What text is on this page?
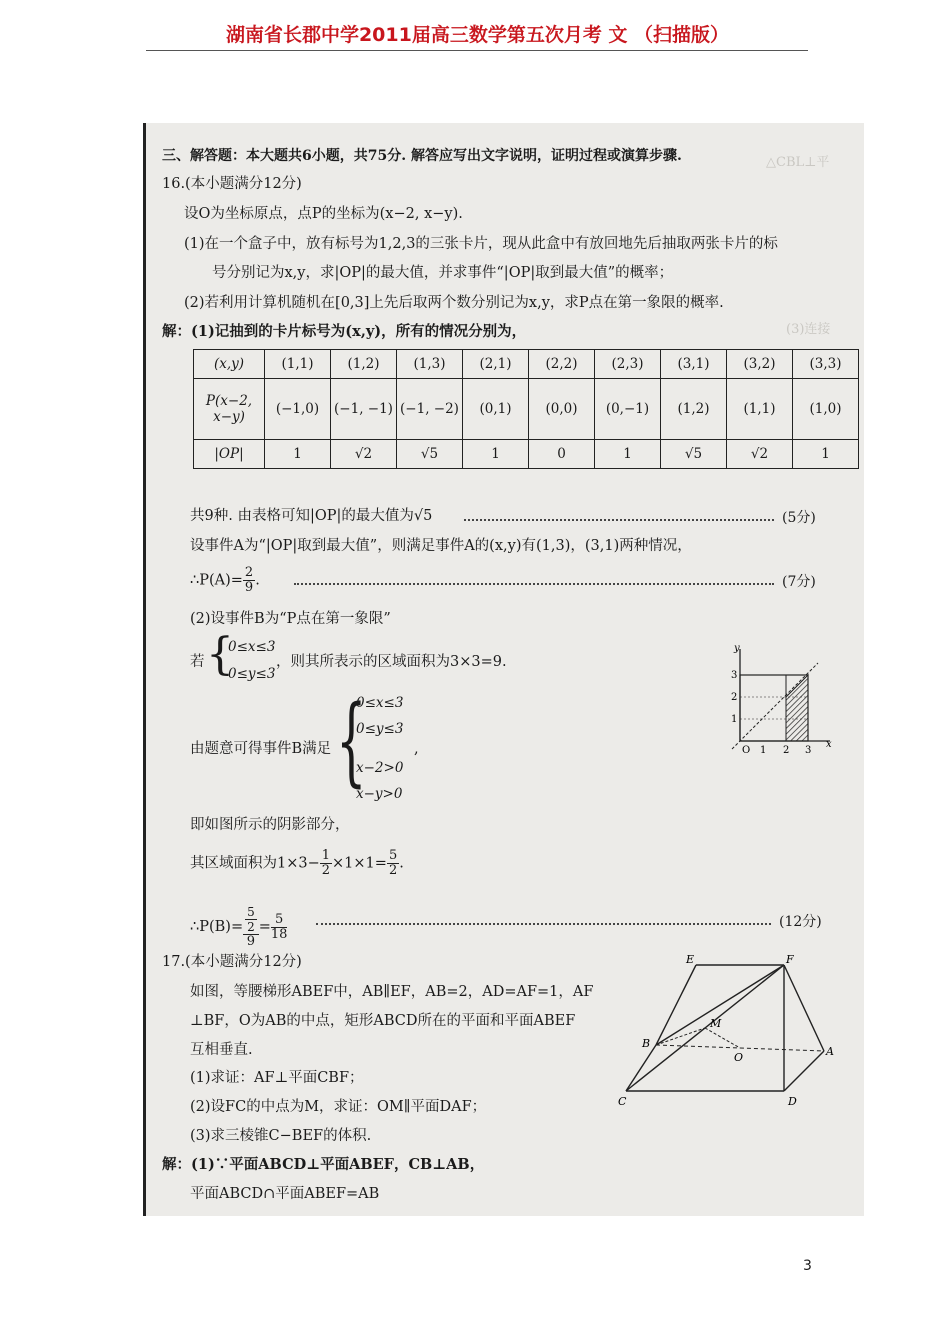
湖南省长郡中学2011届高三数学第五次月考 文 （扫描版）
△CBL⊥平
(3)连接
三、解答题：本大题共6小题，共75分. 解答应写出文字说明，证明过程或演算步骤.
16.(本小题满分12分)
设O为坐标原点，点P的坐标为(x−2, x−y).
(1)在一个盒子中，放有标号为1,2,3的三张卡片，现从此盒中有放回地先后抽取两张卡片的标
号分别记为x,y，求|OP|的最大值，并求事件“|OP|取到最大值”的概率；
(2)若利用计算机随机在[0,3]上先后取两个数分别记为x,y，求P点在第一象限的概率.
解：(1)记抽到的卡片标号为(x,y)，所有的情况分别为，
(x,y)	(1,1)	(1,2)	(1,3)	(2,1)	(2,2)	(2,3)	(3,1)	(3,2)	(3,3)
P(x−2, x−y)	(−1,0)	(−1, −1)	(−1, −2)	(0,1)	(0,0)	(0,−1)	(1,2)	(1,1)	(1,0)
|OP|	1	√2	√5	1	0	1	√5	√2	1
共9种. 由表格可知|OP|的最大值为√5	(5分)
设事件A为“|OP|取到最大值”，则满足事件A的(x,y)有(1,3)，(3,1)两种情况，
∴P(A)= $\frac{2}{9}$ .	(7分)
(2)设事件B为“P点在第一象限”
若 {
0≤x≤3
0≤y≤3
，则其所表示的区域面积为3×3=9.
由题意可得事件B满足 {
0≤x≤3
0≤y≤3
,
x−2>0
x−y>0
y
x
O 1 2 3
1
2
3
即如图所示的阴影部分，
其区域面积为$1\times 3- \frac{1}{2} \times 1\times 1= \frac{5}{2}$ .
∴P(B)= 5
2
$9 = \frac{5}{18}$	(12分)
17.(本小题满分12分)
如图，等腰梯形ABEF中，AB∥EF，AB=2，AD=AF=1，AF
⊥BF，O为AB的中点，矩形ABCD所在的平面和平面ABEF
互相垂直.
(1)求证：AF⊥平面CBF；
(2)设FC的中点为M，求证：OM∥平面DAF；
(3)求三棱锥C−BEF的体积.
解：(1)∵平面ABCD⊥平面ABEF，CB⊥AB，
平面ABCD∩平面ABEF=AB
E	F
B
A
C	D
M
O
3
